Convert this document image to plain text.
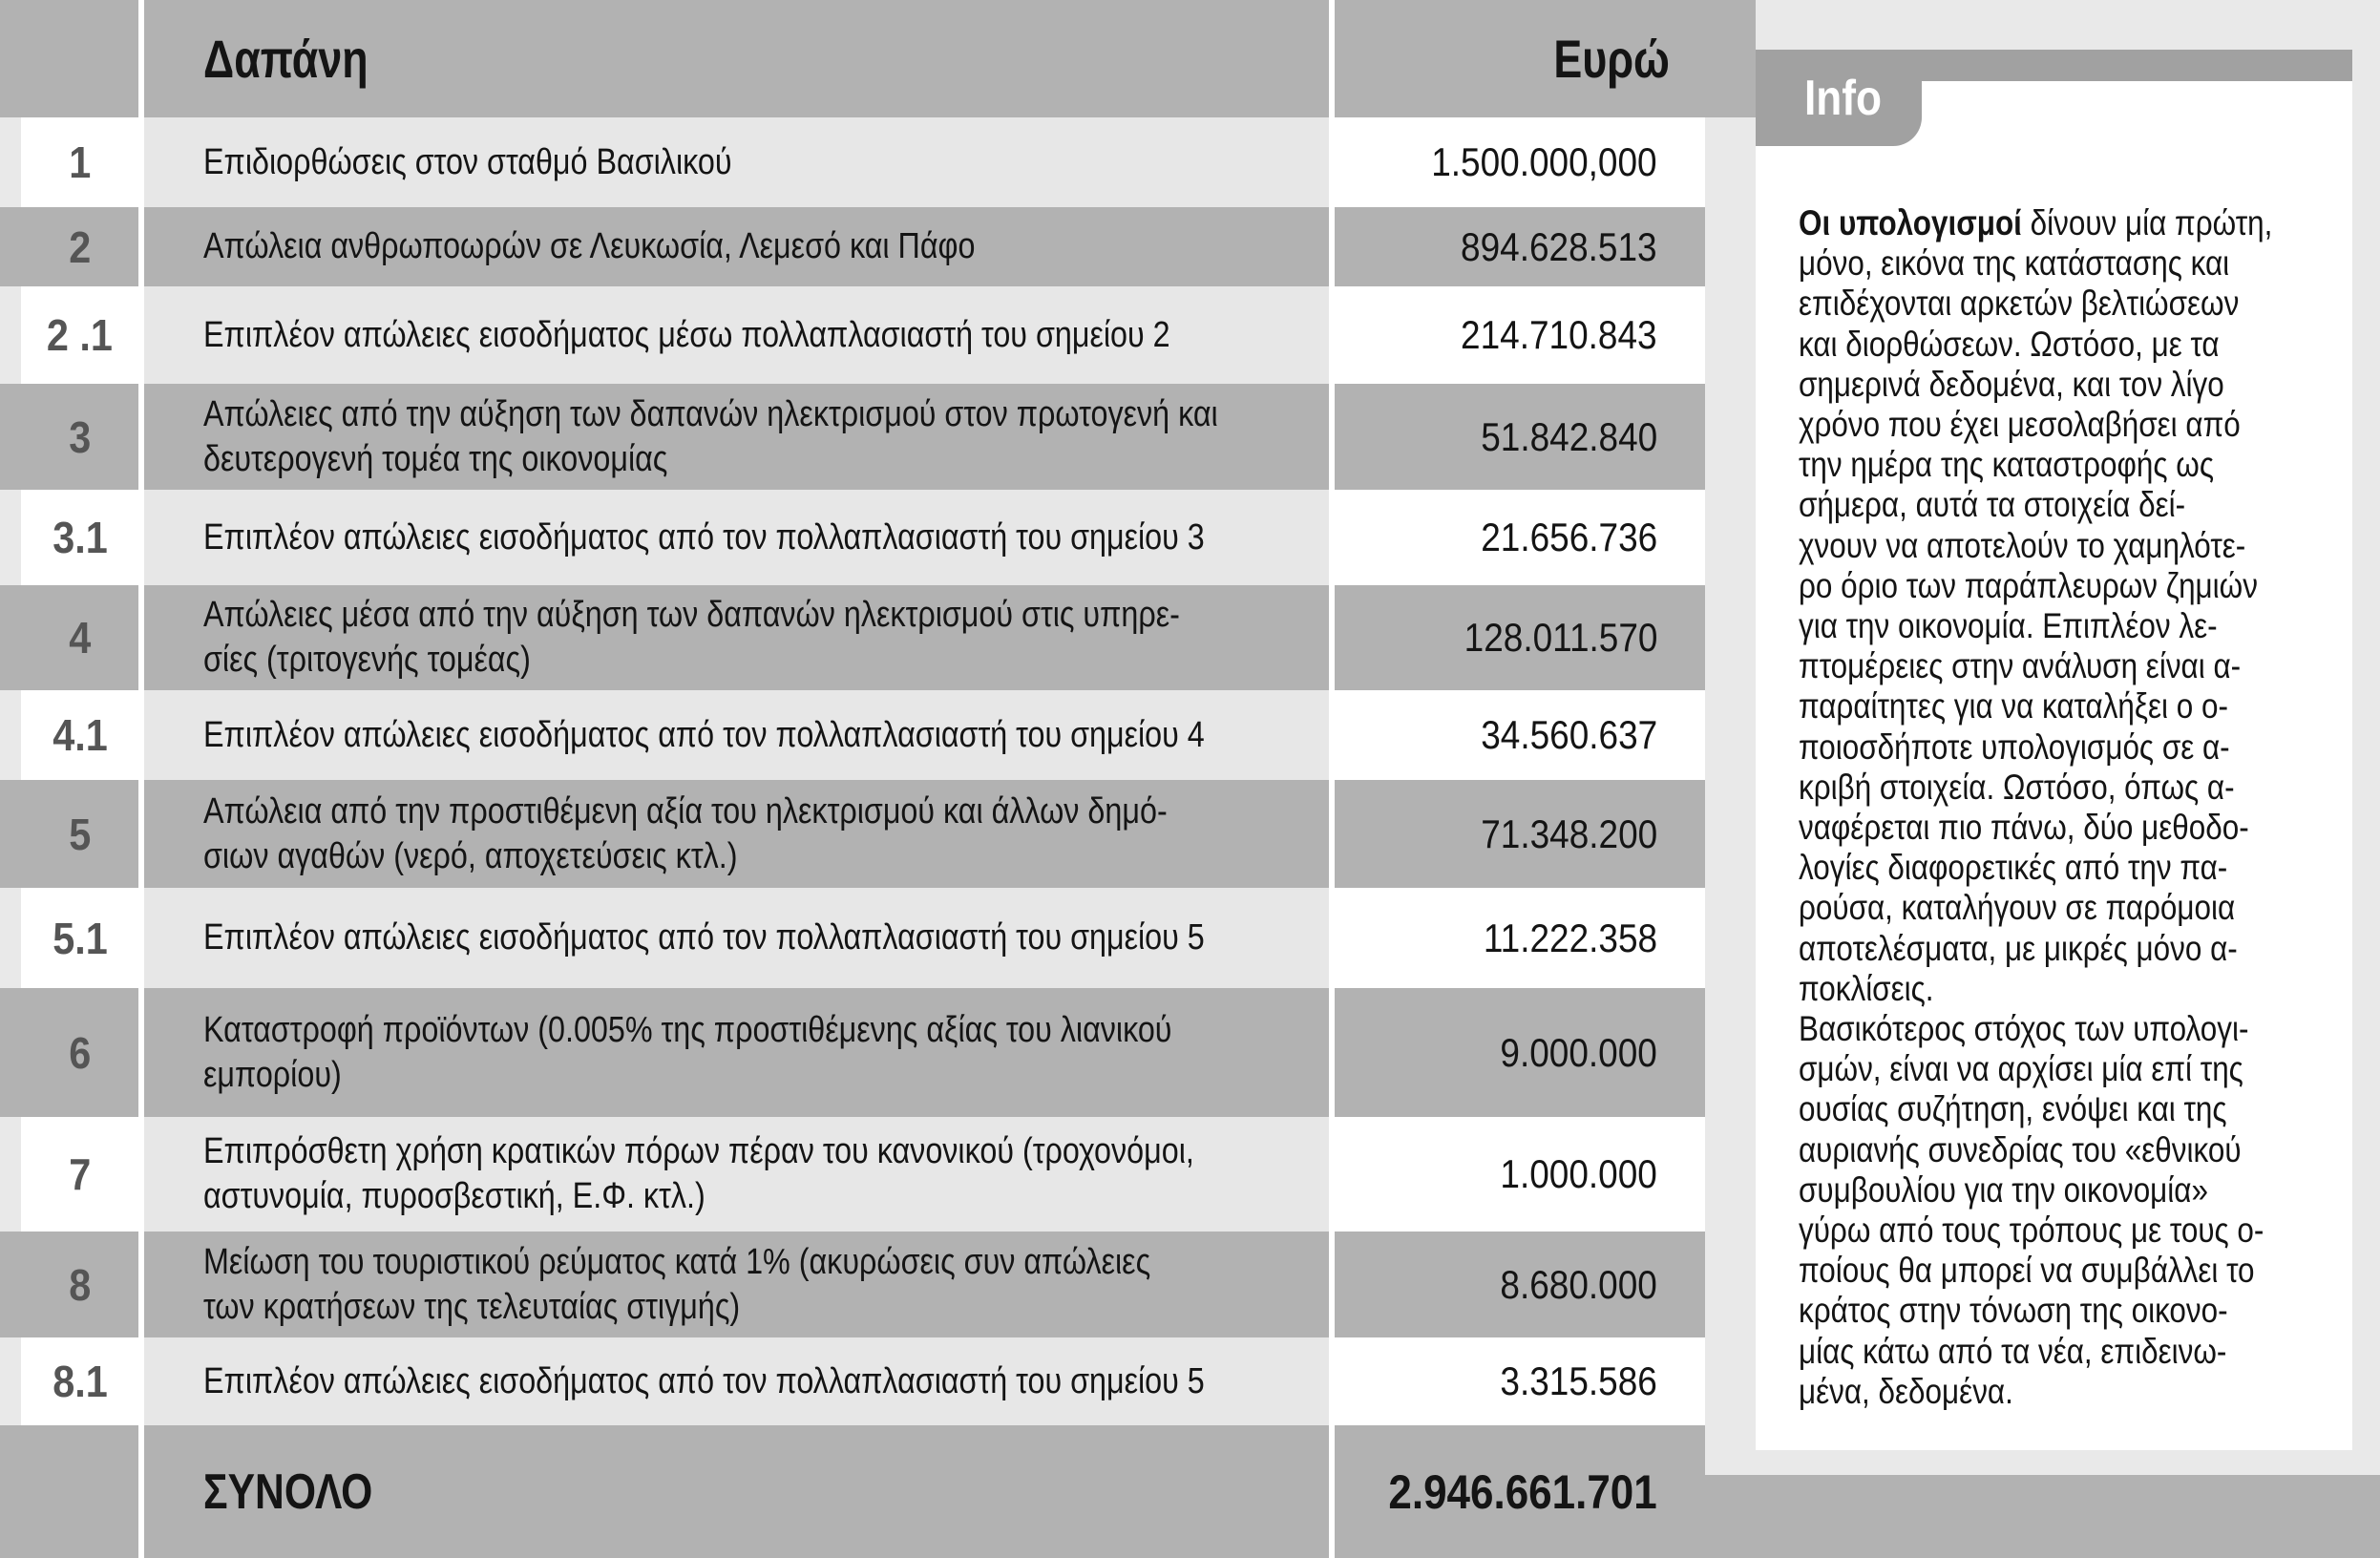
Δαπάνη	Ευρώ
1	Επιδιορθώσεις στον σταθμό Βασιλικού	1.500.000,000
2	Απώλεια ανθρωποωρών σε Λευκωσία, Λεμεσό και Πάφο	894.628.513
2 .1 Επιπλέον απώλειες εισοδήματος μέσω πολλαπλασιαστή του σημείου 2	214.710.843
3	Απώλειες από την αύξηση των δαπανών ηλεκτρισμού στον πρωτογενή και
δευτερογενή τομέα της οικονομίας	51.842.840
3.1	Επιπλέον απώλειες εισοδήματος από τον πολλαπλασιαστή του σημείου 3	21.656.736
4	Απώλειες μέσα από την αύξηση των δαπανών ηλεκτρισμού στις υπηρε-
σίες (τριτογενής τομέας)	128.011.570
4.1	Επιπλέον απώλειες εισοδήματος από τον πολλαπλασιαστή του σημείου 4	34.560.637
5	Απώλεια από την προστιθέμενη αξία του ηλεκτρισμού και άλλων δημό-
σιων αγαθών (νερό, αποχετεύσεις κτλ.)	71.348.200
5.1	Επιπλέον απώλειες εισοδήματος από τον πολλαπλασιαστή του σημείου 5	11.222.358
6	Καταστροφή προϊόντων (0.005% της προστιθέμενης αξίας του λιανικού
εμπορίου)	9.000.000
7	Επιπρόσθετη χρήση κρατικών πόρων πέραν του κανονικού (τροχονόμοι,
αστυνομία, πυροσβεστική, Ε.Φ. κτλ.)	1.000.000
8	Μείωση του τουριστικού ρεύματος κατά 1% (ακυρώσεις συν απώλειες
των κρατήσεων της τελευταίας στιγμής)	8.680.000
8.1	Επιπλέον απώλειες εισοδήματος από τον πολλαπλασιαστή του σημείου 5	3.315.586
ΣΥΝΟΛΟ	2.946.661.701
Οι υπολογισμοί δίνουν μία πρώτη,
μόνο, εικόνα της κατάστασης και
επιδέχονται αρκετών βελτιώσεων
και διορθώσεων. Ωστόσο, με τα
σημερινά δεδομένα, και τον λίγο
χρόνο που έχει μεσολαβήσει από
την ημέρα της καταστροφής ως
σήμερα, αυτά τα στοιχεία δεί-
χνουν να αποτελούν το χαμηλότε-
ρο όριο των παράπλευρων ζημιών
για την οικονομία. Επιπλέον λε-
πτομέρειες στην ανάλυση είναι α-
παραίτητες για να καταλήξει ο ο-
ποιοσδήποτε υπολογισμός σε α-
κριβή στοιχεία. Ωστόσο, όπως α-
ναφέρεται πιο πάνω, δύο μεθοδο-
λογίες διαφορετικές από την πα-
ρούσα, καταλήγουν σε παρόμοια
αποτελέσματα, με μικρές μόνο α-
ποκλίσεις.
Βασικότερος στόχος των υπολογι-
σμών, είναι να αρχίσει μία επί της
ουσίας συζήτηση, ενόψει και της
αυριανής συνεδρίας του «εθνικού
συμβουλίου για την οικονομία»
γύρω από τους τρόπους με τους ο-
ποίους θα μπορεί να συμβάλλει το
κράτος στην τόνωση της οικονο-
μίας κάτω από τα νέα, επιδεινω-
μένα, δεδομένα.
Info
